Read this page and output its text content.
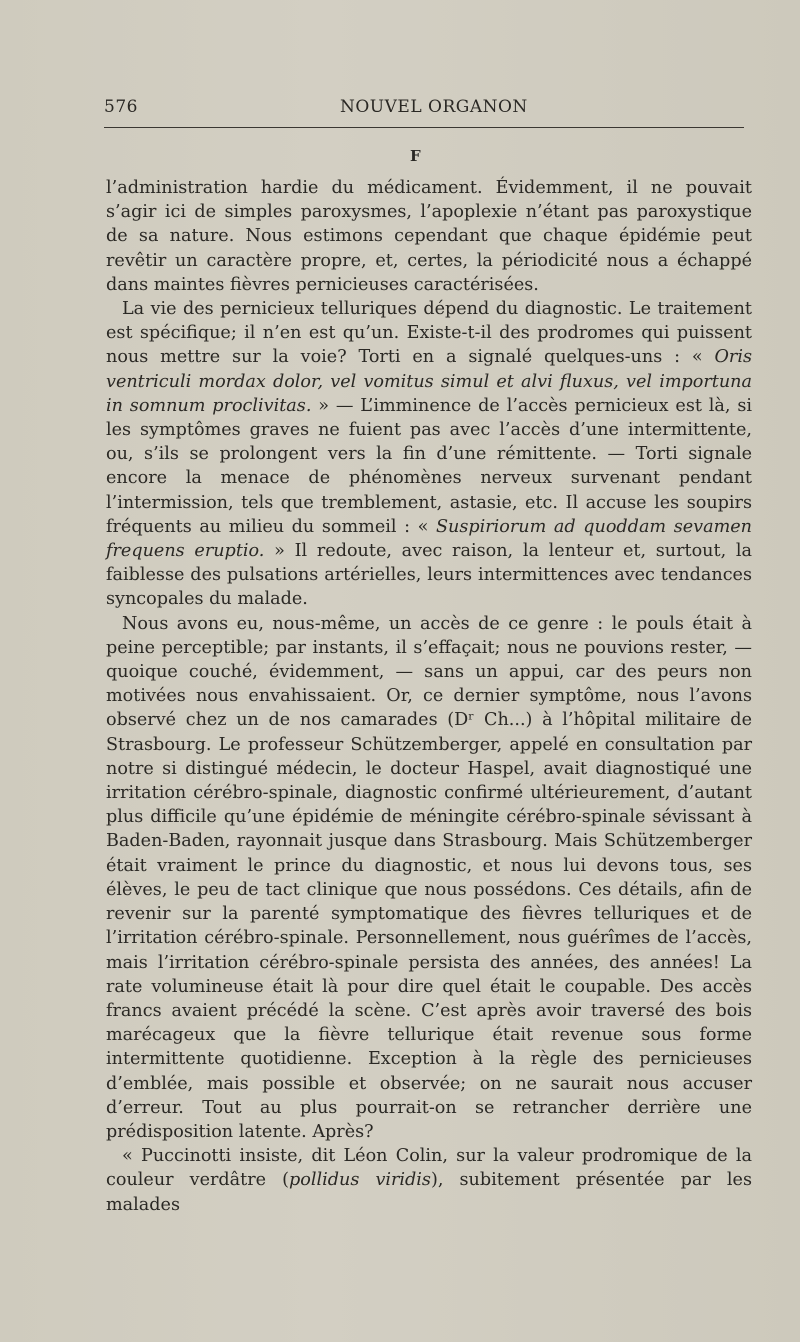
576	NOUVEL ORGANON
F

l’administration hardie du médicament. Évidemment, il ne pouvait s’agir ici de simples paroxysmes, l’apoplexie n’étant pas paroxystique de sa nature. Nous estimons cependant que chaque épidémie peut revêtir un caractère propre, et, certes, la périodicité nous a échappé dans maintes fièvres pernicieuses caractérisées.

La vie des pernicieux telluriques dépend du diagnostic. Le traitement est spécifique; il n’en est qu’un. Existe-t-il des prodromes qui puissent nous mettre sur la voie? Torti en a signalé quelques-uns : « Oris ventriculi mordax dolor, vel vomitus simul et alvi fluxus, vel importuna in somnum proclivitas. » — L’imminence de l’accès pernicieux est là, si les symptômes graves ne fuient pas avec l’accès d’une intermittente, ou, s’ils se prolongent vers la fin d’une rémittente. — Torti signale encore la menace de phénomènes nerveux survenant pendant l’intermission, tels que tremblement, astasie, etc. Il accuse les soupirs fréquents au milieu du sommeil : « Suspiriorum ad quoddam sevamen frequens eruptio. » Il redoute, avec raison, la lenteur et, surtout, la faiblesse des pulsations artérielles, leurs intermittences avec tendances syncopales du malade.

Nous avons eu, nous-même, un accès de ce genre : le pouls était à peine perceptible; par instants, il s’effaçait; nous ne pouvions rester, — quoique couché, évidemment, — sans un appui, car des peurs non motivées nous envahissaient. Or, ce dernier symptôme, nous l’avons observé chez un de nos camarades (Dʳ Ch...) à l’hôpital militaire de Strasbourg. Le professeur Schützemberger, appelé en consultation par notre si distingué médecin, le docteur Haspel, avait diagnostiqué une irritation cérébro-spinale, diagnostic confirmé ultérieurement, d’autant plus difficile qu’une épidémie de méningite cérébro-spinale sévissant à Baden-Baden, rayonnait jusque dans Strasbourg. Mais Schützemberger était vraiment le prince du diagnostic, et nous lui devons tous, ses élèves, le peu de tact clinique que nous possédons. Ces détails, afin de revenir sur la parenté symptomatique des fièvres telluriques et de l’irritation cérébro-spinale. Personnellement, nous guérîmes de l’accès, mais l’irritation cérébro-spinale persista des années, des années! La rate volumineuse était là pour dire quel était le coupable. Des accès francs avaient précédé la scène. C’est après avoir traversé des bois marécageux que la fièvre tellurique était revenue sous forme intermittente quotidienne. Exception à la règle des pernicieuses d’emblée, mais possible et observée; on ne saurait nous accuser d’erreur. Tout au plus pourrait-on se retrancher derrière une prédisposition latente. Après?

« Puccinotti insiste, dit Léon Colin, sur la valeur prodromique de la couleur verdâtre (pollidus viridis), subitement présentée par les malades
